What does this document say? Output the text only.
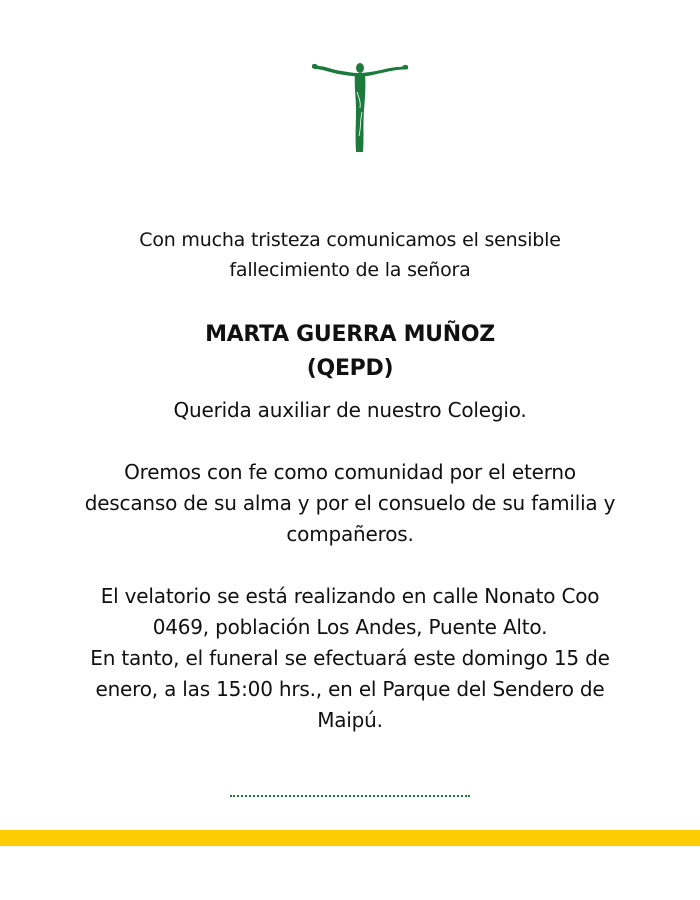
Con mucha tristeza comunicamos el sensible
fallecimiento de la señora
MARTA GUERRA MUÑOZ
(QEPD)
Querida auxiliar de nuestro Colegio.
Oremos con fe como comunidad por el eterno
descanso de su alma y por el consuelo de su familia y
compañeros.
El velatorio se está realizando en calle Nonato Coo
0469, población Los Andes, Puente Alto.
En tanto, el funeral se efectuará este domingo 15 de
enero, a las 15:00 hrs., en el Parque del Sendero de
Maipú.
